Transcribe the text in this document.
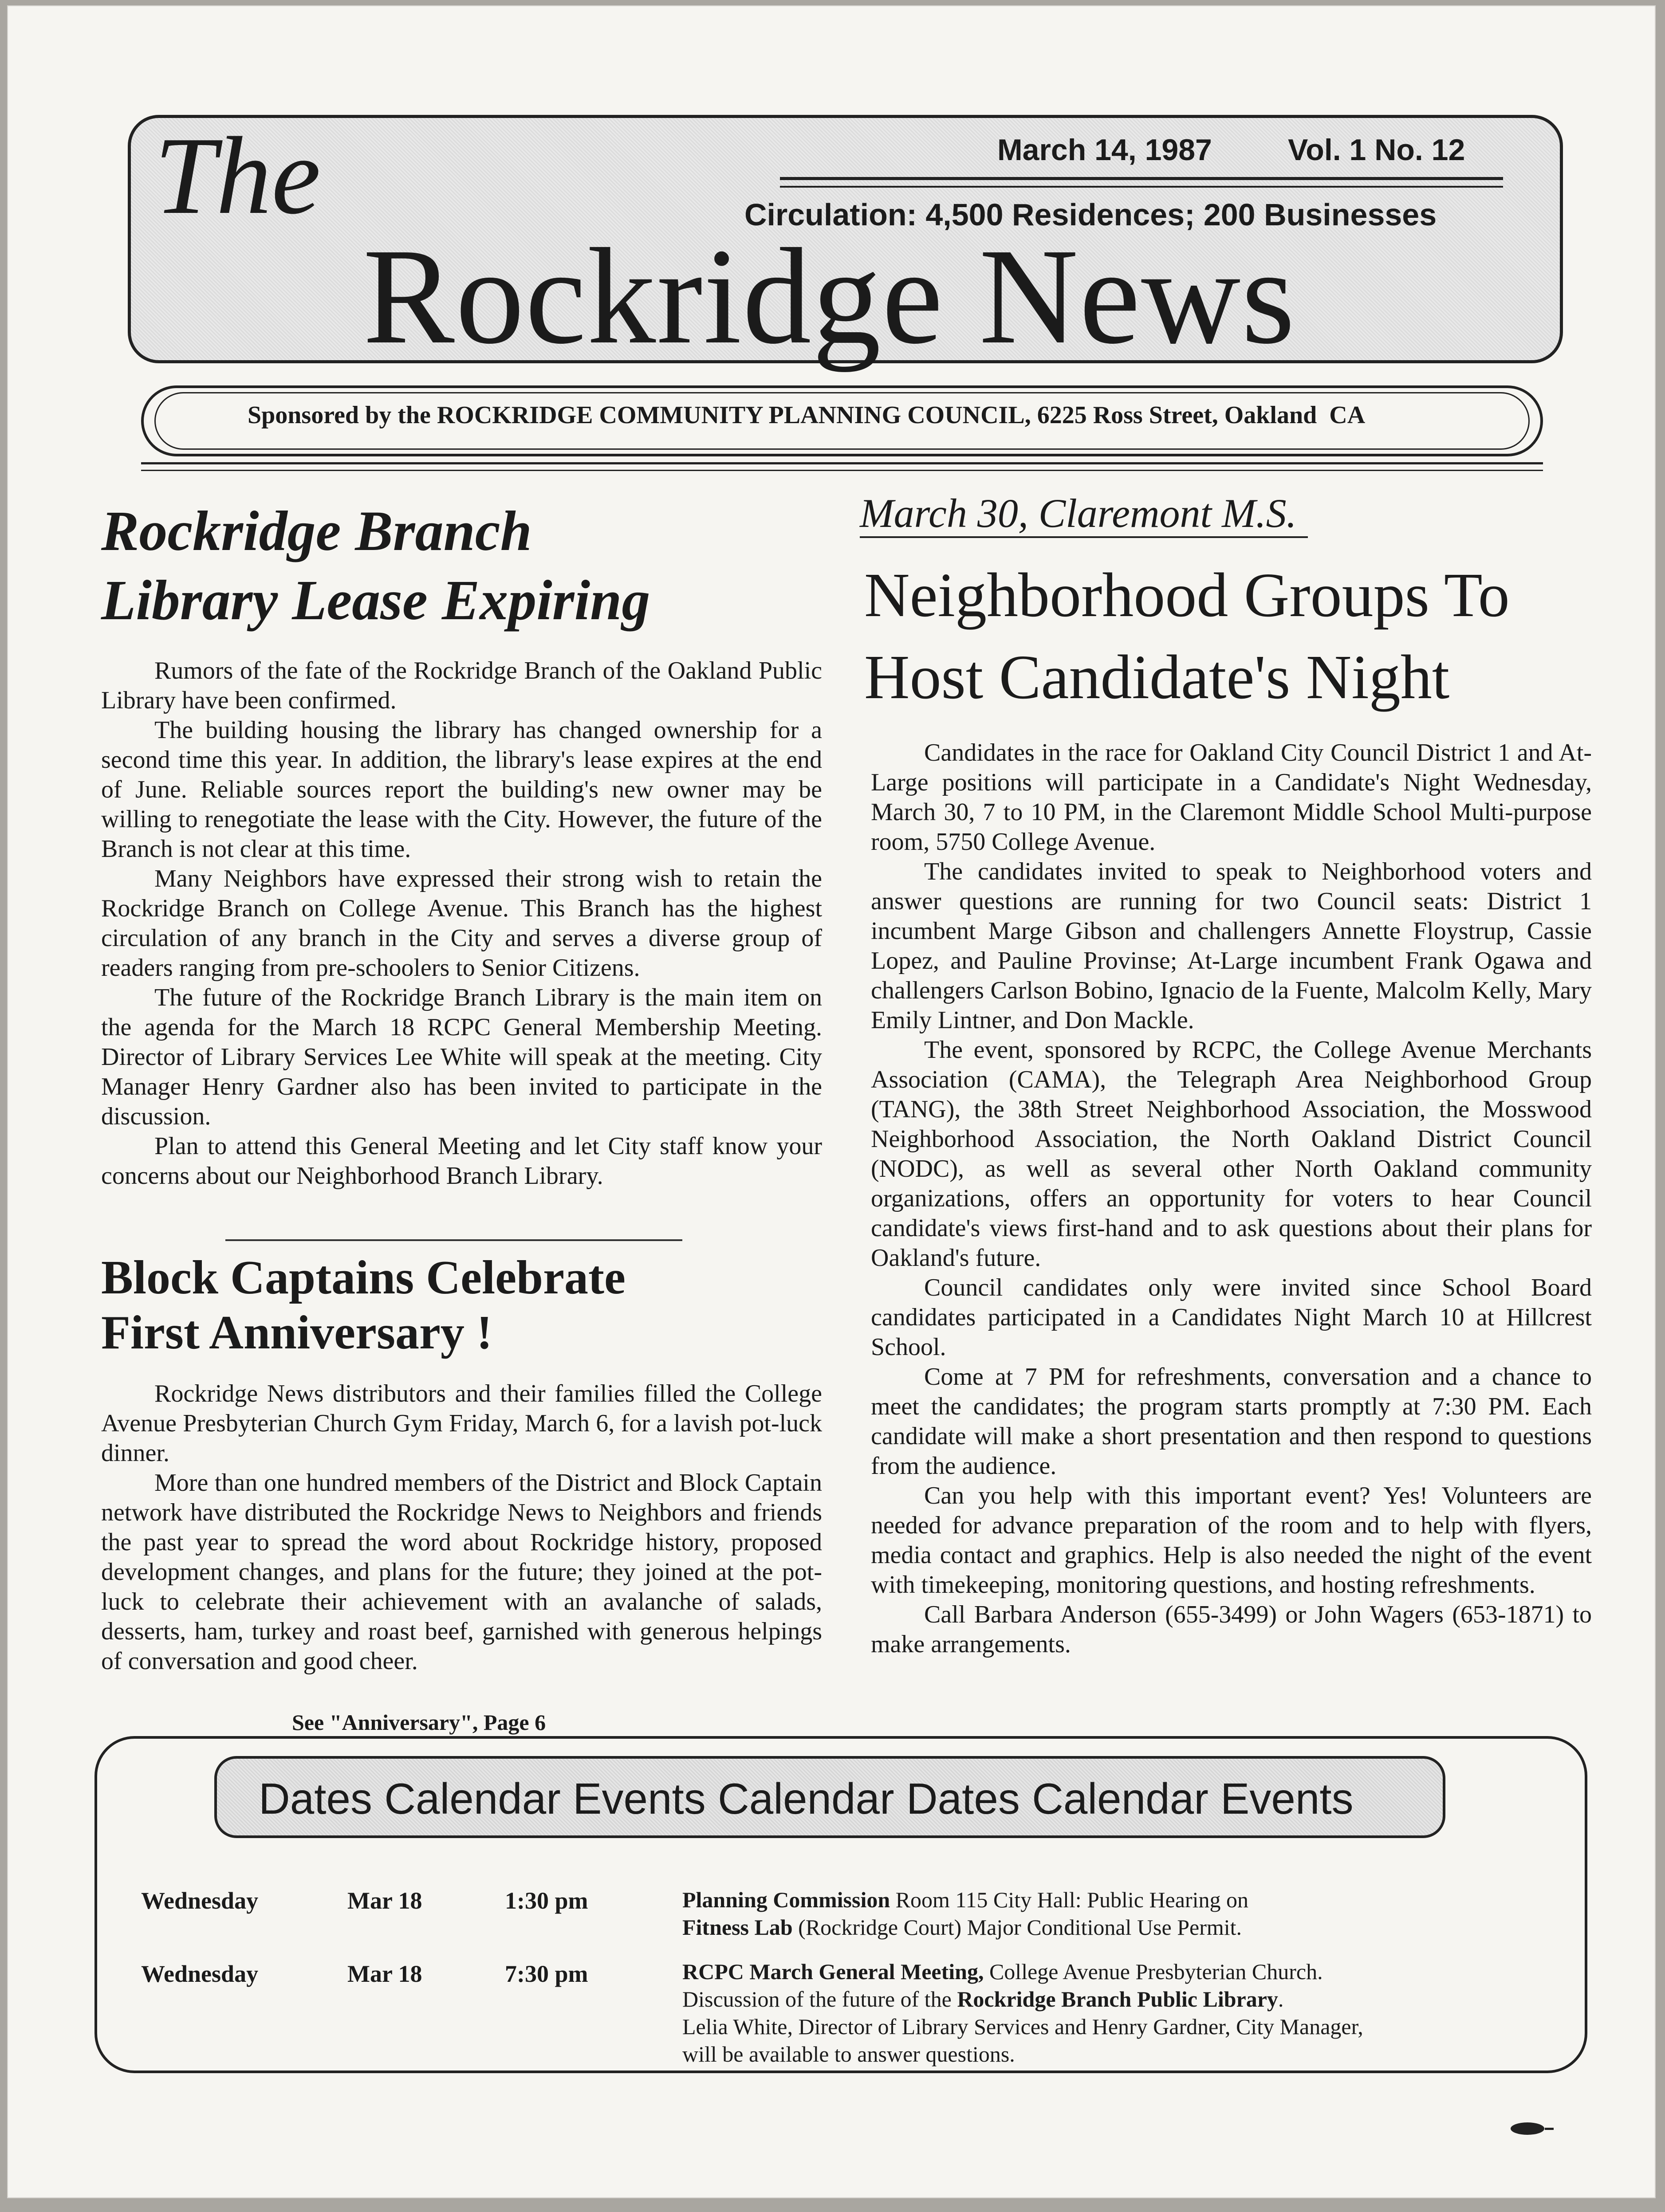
The	March 14, 1987	Vol. 1 No. 12
Circulation: 4,500 Residences; 200 Businesses
Rockridge News
Sponsored by the ROCKRIDGE COMMUNITY PLANNING COUNCIL, 6225 Ross Street, Oakland  CA
Rockridge Branch
Library Lease Expiring

Rumors of the fate of the Rockridge Branch of the Oakland Public Library have been confirmed.

The building housing the library has changed ownership for a second time this year. In addition, the library's lease expires at the end of June. Reliable sources report the building's new owner may be willing to renegotiate the lease with the City. However, the future of the Branch is not clear at this time.

Many Neighbors have expressed their strong wish to retain the Rockridge Branch on College Avenue. This Branch has the highest circulation of any branch in the City and serves a diverse group of readers ranging from pre-schoolers to Senior Citizens.

The future of the Rockridge Branch Library is the main item on the agenda for the March 18 RCPC General Membership Meeting. Director of Library Services Lee White will speak at the meeting. City Manager Henry Gardner also has been invited to participate in the discussion.

Plan to attend this General Meeting and let City staff know your concerns about our Neighborhood Branch Library.

Block Captains Celebrate
First Anniversary !

Rockridge News distributors and their families filled the College Avenue Presbyterian Church Gym Friday, March 6, for a lavish pot-luck dinner.

More than one hundred members of the District and Block Captain network have distributed the Rockridge News to Neighbors and friends the past year to spread the word about Rockridge history, proposed development changes, and plans for the future; they joined at the pot-luck to celebrate their achievement with an avalanche of salads, desserts, ham, turkey and roast beef, garnished with generous helpings of conversation and good cheer.

See "Anniversary", Page 6
March 30, Claremont M.S.
Neighborhood Groups To
Host Candidate's Night

Candidates in the race for Oakland City Council District 1 and At-Large positions will participate in a Candidate's Night Wednesday, March 30, 7 to 10 PM, in the Claremont Middle School Multi-purpose room, 5750 College Avenue.

The candidates invited to speak to Neighborhood voters and answer questions are running for two Council seats: District 1 incumbent Marge Gibson and challengers Annette Floystrup, Cassie Lopez, and Pauline Provinse; At-Large incumbent Frank Ogawa and challengers Carlson Bobino, Ignacio de la Fuente, Malcolm Kelly, Mary Emily Lintner, and Don Mackle.

The event, sponsored by RCPC, the College Avenue Merchants Association (CAMA), the Telegraph Area Neighborhood Group (TANG), the 38th Street Neighborhood Association, the Mosswood Neighborhood Association, the North Oakland District Council (NODC), as well as several other North Oakland community organizations, offers an opportunity for voters to hear Council candidate's views first-hand and to ask questions about their plans for Oakland's future.

Council candidates only were invited since School Board candidates participated in a Candidates Night March 10 at Hillcrest School.

Come at 7 PM for refreshments, conversation and a chance to meet the candidates; the program starts promptly at 7:30 PM. Each candidate will make a short presentation and then respond to questions from the audience.

Can you help with this important event? Yes! Volunteers are needed for advance preparation of the room and to help with flyers, media contact and graphics. Help is also needed the night of the event with timekeeping, monitoring questions, and hosting refreshments.

Call Barbara Anderson (655-3499) or John Wagers (653-1871) to make arrangements.

Dates Calendar Events Calendar Dates Calendar Events
Wednesday	Mar 18	1:30 pm	Planning Commission Room 115 City Hall: Public Hearing on
Fitness Lab (Rockridge Court) Major Conditional Use Permit.
Wednesday	Mar 18	7:30 pm	RCPC March General Meeting, College Avenue Presbyterian Church.
Discussion of the future of the Rockridge Branch Public Library.
Lelia White, Director of Library Services and Henry Gardner, City Manager,
will be available to answer questions.
